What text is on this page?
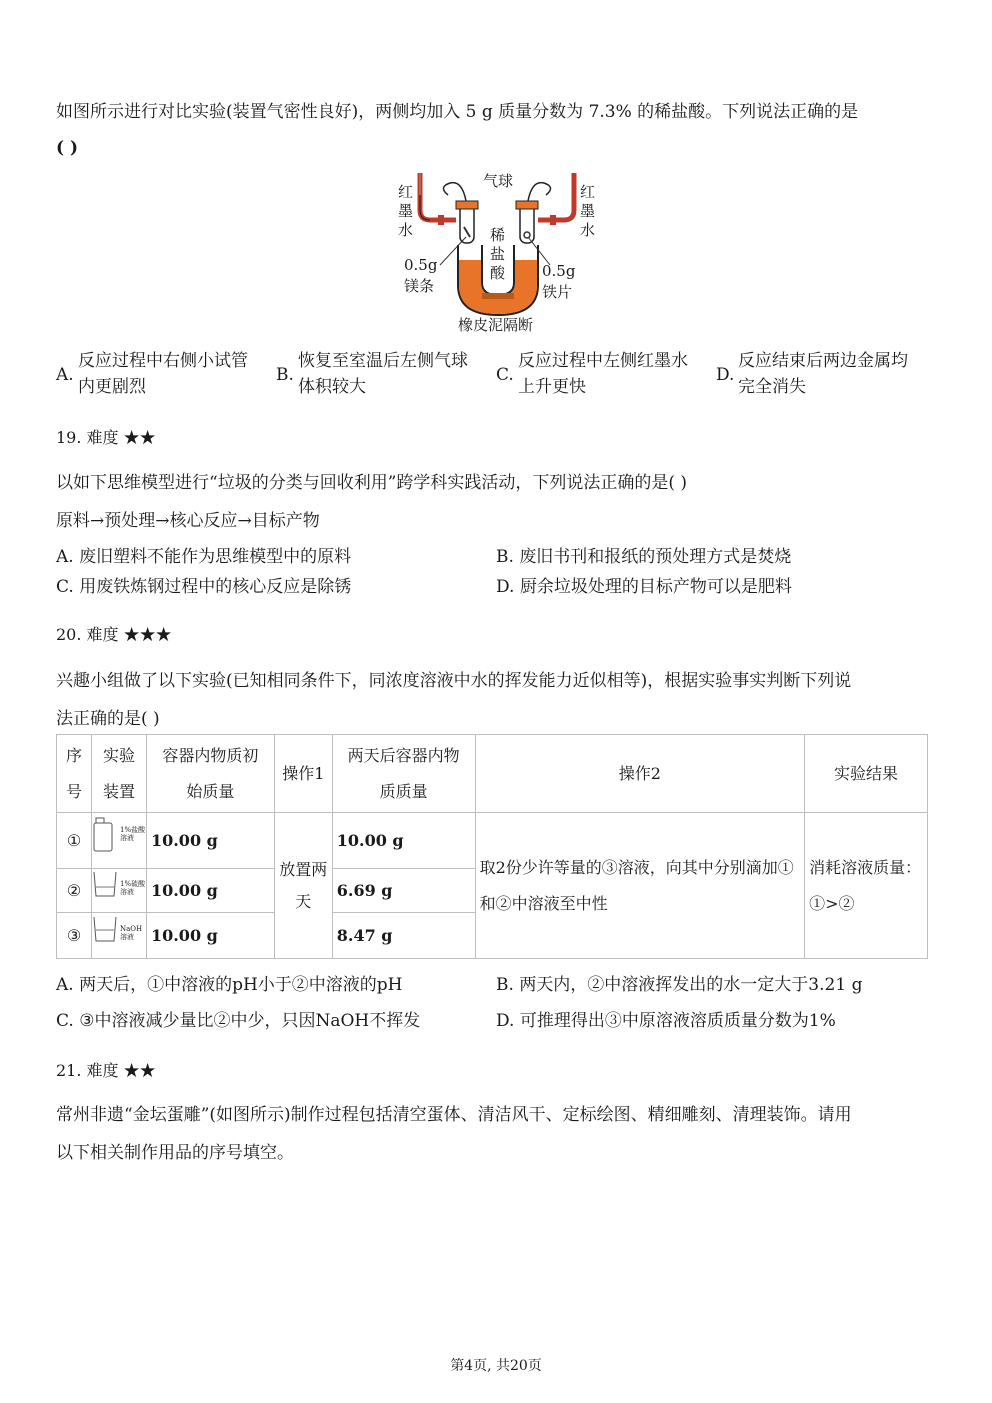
如图所示进行对比实验(装置气密性良好)，两侧均加入 5 g 质量分数为 7.3% 的稀盐酸。下列说法正确的是
( )
气球
红墨水
红墨水
稀盐酸
0.5g
镁条
0.5g
铁片
橡皮泥隔断
A.
反应过程中右侧小试管内更剧烈
B.
恢复至室温后左侧气球体积较大
C.
反应过程中左侧红墨水上升更快
D.
反应结束后两边金属均完全消失
19. 难度 ★★
以如下思维模型进行“垃圾的分类与回收利用”跨学科实践活动，下列说法正确的是( )
原料→预处理→核心反应→目标产物
A. 废旧塑料不能作为思维模型中的原料	B. 废旧书刊和报纸的预处理方式是焚烧
C. 用废铁炼钢过程中的核心反应是除锈	D. 厨余垃圾处理的目标产物可以是肥料
20. 难度 ★★★
兴趣小组做了以下实验(已知相同条件下，同浓度溶液中水的挥发能力近似相等)，根据实验事实判断下列说
法正确的是( )
序号	实验装置	容器内物质初始质量	操作1	两天后容器内物质质量	操作2	实验结果
①		10.00 g	放置两天	10.00 g	取2份少许等量的③溶液，向其中分别滴加①和②中溶液至中性	消耗溶液质量：①>②
②		10.00 g		6.69 g		
③		10.00 g		8.47 g		
1%盐酸溶液
1%硫酸溶液
NaOH溶液
A. 两天后，①中溶液的pH小于②中溶液的pH	B. 两天内，②中溶液挥发出的水一定大于3.21 g
C. ③中溶液减少量比②中少，只因NaOH不挥发	D. 可推理得出③中原溶液溶质质量分数为1%
21. 难度 ★★
常州非遗“金坛蛋雕”(如图所示)制作过程包括清空蛋体、清洁风干、定标绘图、精细雕刻、清理装饰。请用
以下相关制作用品的序号填空。
第4页, 共20页
